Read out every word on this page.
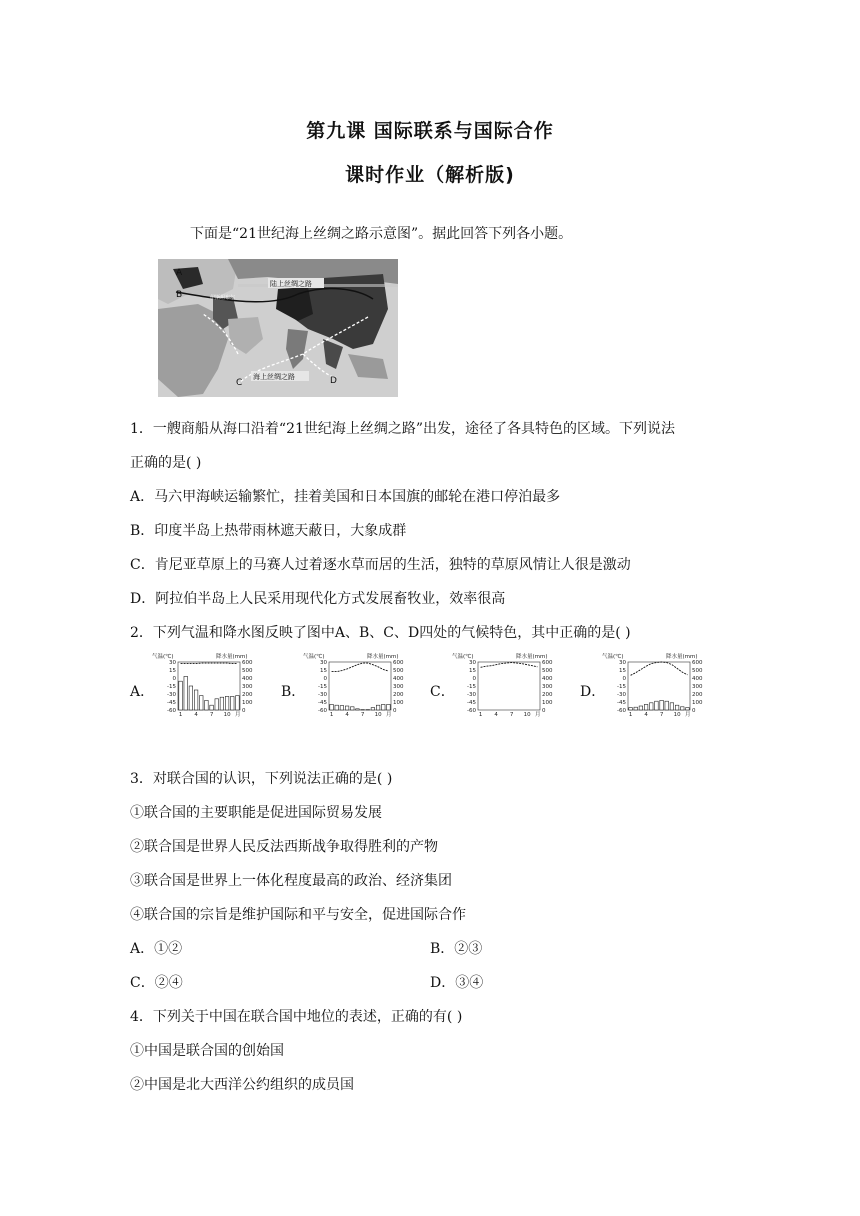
第九课 国际联系与国际合作
课时作业（解析版)
下面是“21世纪海上丝绸之路示意图”。据此回答下列各小题。
A
B
C	D
陆上丝绸之路
海上丝绸之路
伊斯坦布尔
1．一艘商船从海口沿着“21世纪海上丝绸之路”出发，途径了各具特色的区域。下列说法
正确的是( )
A．马六甲海峡运输繁忙，挂着美国和日本国旗的邮轮在港口停泊最多
B．印度半岛上热带雨林遮天蔽日，大象成群
C．肯尼亚草原上的马赛人过着逐水草而居的生活，独特的草原风情让人很是激动
D．阿拉伯半岛上人民采用现代化方式发展畜牧业，效率很高
2．下列气温和降水图反映了图中A、B、C、D四处的气候特色，其中正确的是( )
A．	B．	C．	D．
气温(℃)	降水量(mm)
30	600
15	500
0	400
-15	300
-30	200
-45	100
-60	0
1 4 7 10 月
气温(℃)	降水量(mm)
30	600
15	500
0	400
-15	300
-30	200
-45	100
-60	0
1 4 7 10 月
气温(℃)	降水量(mm)
30	600
15	500
0	400
-15	300
-30	200
-45	100
-60	0
1 4 7 10 月
气温(℃)	降水量(mm)
30	600
15	500
0	400
-15	300
-30	200
-45	100
-60	0
1 4 7 10 月
3．对联合国的认识，下列说法正确的是( )
①联合国的主要职能是促进国际贸易发展
②联合国是世界人民反法西斯战争取得胜利的产物
③联合国是世界上一体化程度最高的政治、经济集团
④联合国的宗旨是维护国际和平与安全，促进国际合作
A．①②	B．②③
C．②④	D．③④
4．下列关于中国在联合国中地位的表述，正确的有( )
①中国是联合国的创始国
②中国是北大西洋公约组织的成员国
